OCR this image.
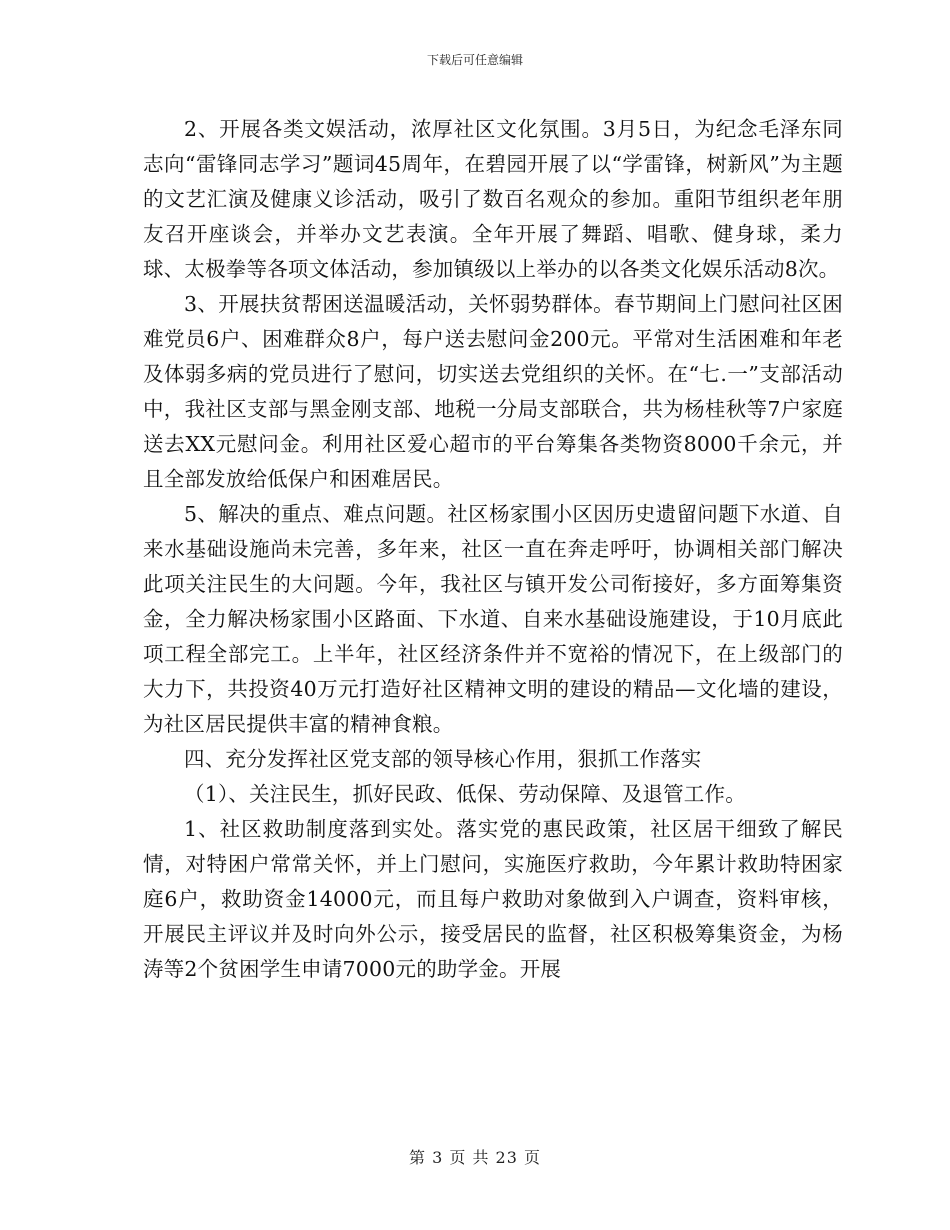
下载后可任意编辑

2、开展各类文娱活动，浓厚社区文化氛围。3月5日，为纪念毛泽东同志向“雷锋同志学习”题词45周年，在碧园开展了以“学雷锋，树新风”为主题的文艺汇演及健康义诊活动，吸引了数百名观众的参加。重阳节组织老年朋友召开座谈会，并举办文艺表演。全年开展了舞蹈、唱歌、健身球，柔力球、太极拳等各项文体活动，参加镇级以上举办的以各类文化娱乐活动8次。

3、开展扶贫帮困送温暖活动，关怀弱势群体。春节期间上门慰问社区困难党员6户、困难群众8户，每户送去慰问金200元。平常对生活困难和年老及体弱多病的党员进行了慰问，切实送去党组织的关怀。在“七.一”支部活动中，我社区支部与黑金刚支部、地税一分局支部联合，共为杨桂秋等7户家庭送去XX元慰问金。利用社区爱心超市的平台筹集各类物资8000千余元，并且全部发放给低保户和困难居民。

5、解决的重点、难点问题。社区杨家围小区因历史遗留问题下水道、自来水基础设施尚未完善，多年来，社区一直在奔走呼吁，协调相关部门解决此项关注民生的大问题。今年，我社区与镇开发公司衔接好，多方面筹集资金，全力解决杨家围小区路面、下水道、自来水基础设施建设，于10月底此项工程全部完工。上半年，社区经济条件并不宽裕的情况下，在上级部门的大力下，共投资40万元打造好社区精神文明的建设的精品—文化墙的建设，为社区居民提供丰富的精神食粮。

四、充分发挥社区党支部的领导核心作用，狠抓工作落实

（1）、关注民生，抓好民政、低保、劳动保障、及退管工作。

1、社区救助制度落到实处。落实党的惠民政策，社区居干细致了解民情，对特困户常常关怀，并上门慰问，实施医疗救助，今年累计救助特困家庭6户，救助资金14000元，而且每户救助对象做到入户调查，资料审核，开展民主评议并及时向外公示，接受居民的监督，社区积极筹集资金，为杨涛等2个贫困学生申请7000元的助学金。开展

第 3 页 共 23 页
